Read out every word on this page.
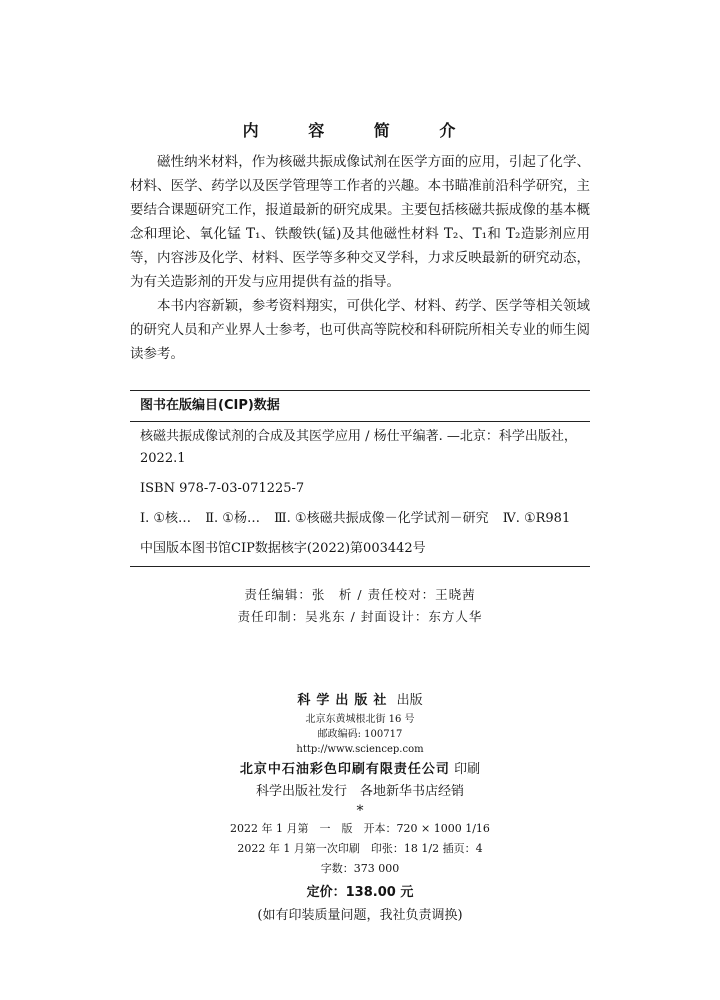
内 容 简 介

磁性纳米材料，作为核磁共振成像试剂在医学方面的应用，引起了化学、材料、医学、药学以及医学管理等工作者的兴趣。本书瞄准前沿科学研究，主要结合课题研究工作，报道最新的研究成果。主要包括核磁共振成像的基本概念和理论、氧化锰 T₁、铁酸铁(锰)及其他磁性材料 T₂、T₁和 T₂造影剂应用等，内容涉及化学、材料、医学等多种交叉学科，力求反映最新的研究动态，为有关造影剂的开发与应用提供有益的指导。

本书内容新颖，参考资料翔实，可供化学、材料、药学、医学等相关领域的研究人员和产业界人士参考，也可供高等院校和科研院所相关专业的师生阅读参考。

图书在版编目(CIP)数据
核磁共振成像试剂的合成及其医学应用 / 杨仕平编著. —北京：科学出版社，2022.1
ISBN 978-7-03-071225-7
Ⅰ. ①核… Ⅱ. ①杨… Ⅲ. ①核磁共振成像－化学试剂－研究 Ⅳ. ①R981
中国版本图书馆CIP数据核字(2022)第003442号
责任编辑：张　析 / 责任校对：王晓茜
责任印制：吴兆东 / 封面设计：东方人华
科学出版社 出版
北京东黄城根北街 16 号
邮政编码: 100717
http://www.sciencep.com
北京中石油彩色印刷有限责任公司 印刷
科学出版社发行　各地新华书店经销
*
2022 年 1 月第　一　版　开本：720 × 1000 1/16
2022 年 1 月第一次印刷　印张：18 1/2 插页：4
字数：373 000
定价：138.00 元
(如有印装质量问题，我社负责调换)
